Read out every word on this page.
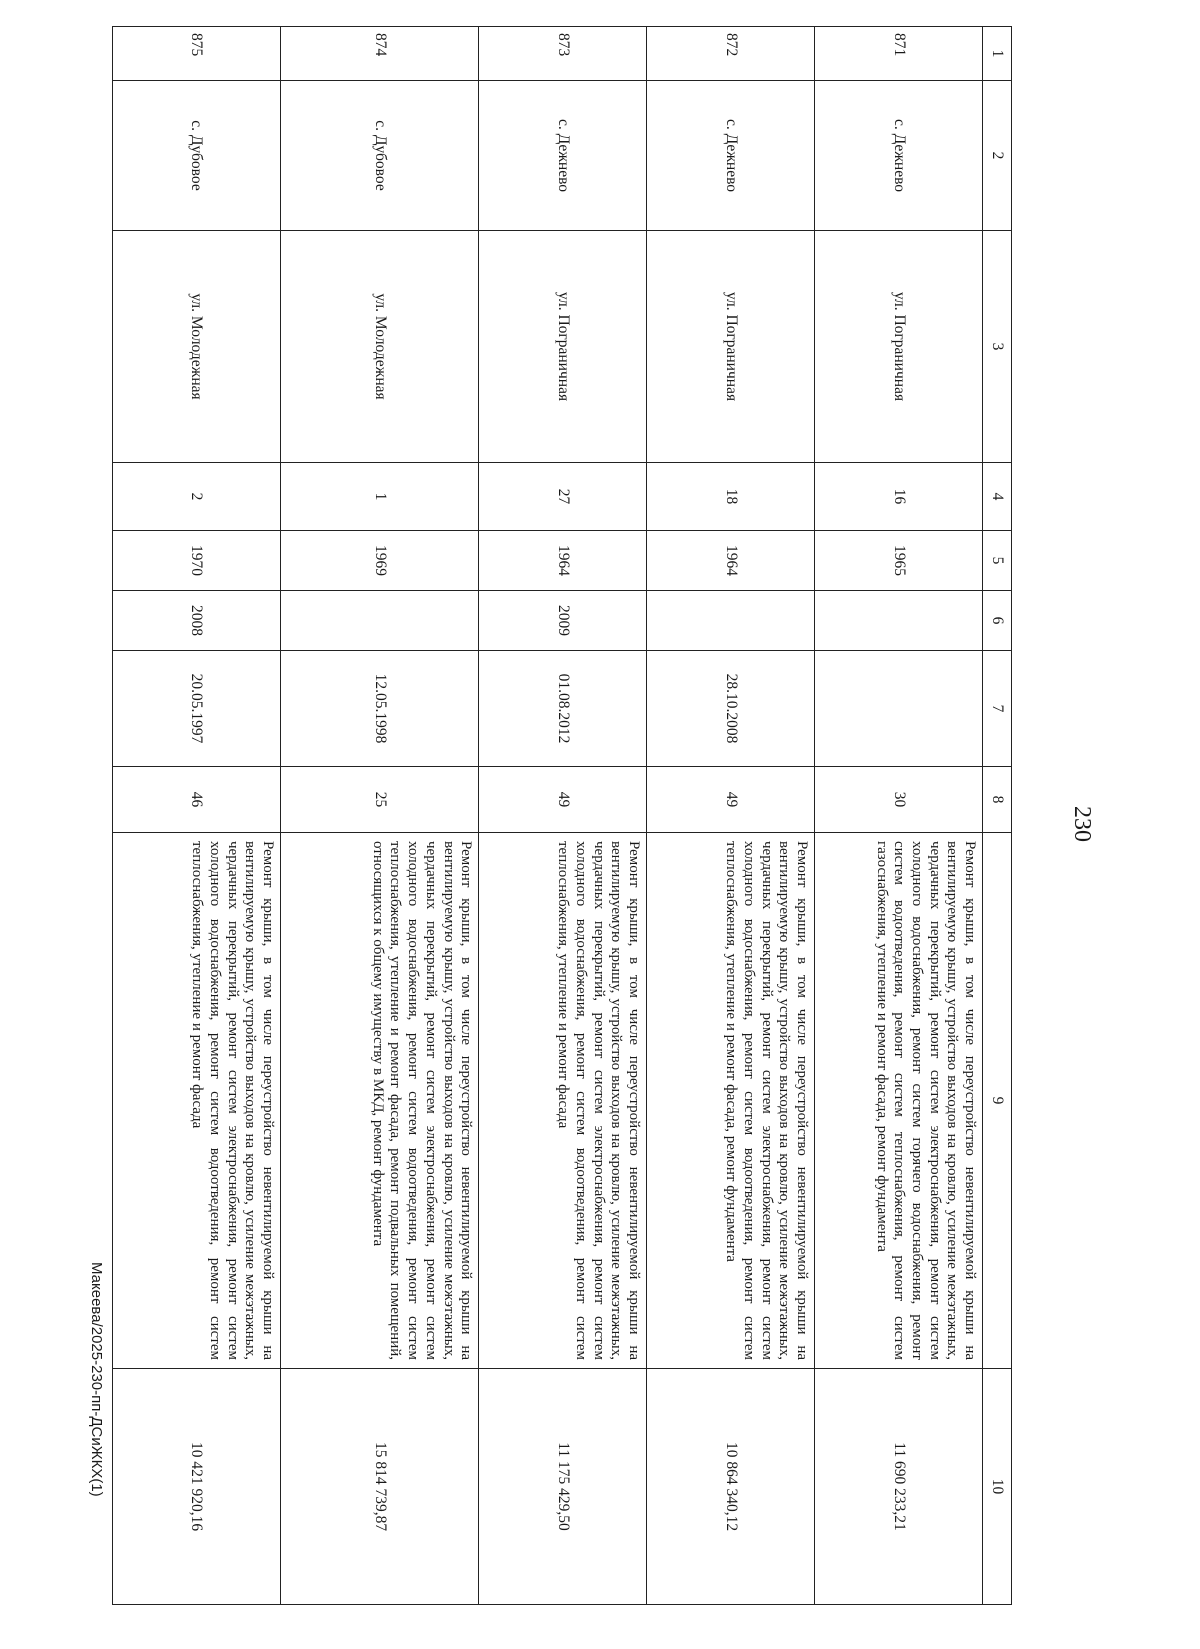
230
1	2	3	4	5	6	7	8	9	10
871	с. Дежнево	ул. Пограничная	16	1965			30	Ремонт крыши, в том числе переустройство невентилируемой крыши на вентилируемую крышу, устройство выходов на кровлю, усиление межэтажных, чердачных перекрытий, ремонт систем электроснабжения, ремонт систем холодного водоснабжения, ремонт систем горячего водоснабжения, ремонт систем водоотведения, ремонт систем теплоснабжения, ремонт систем газоснабжения, утепление и ремонт фасада, ремонт фундамента	11 690 233,21
872	с. Дежнево	ул. Пограничная	18	1964		28.10.2008	49	Ремонт крыши, в том числе переустройство невентилируемой крыши на вентилируемую крышу, устройство выходов на кровлю, усиление межэтажных, чердачных перекрытий, ремонт систем электроснабжения, ремонт систем холодного водоснабжения, ремонт систем водоотведения, ремонт систем теплоснабжения, утепление и ремонт фасада, ремонт фундамента	10 864 340,12
873	с. Дежнево	ул. Пограничная	27	1964	2009	01.08.2012	49	Ремонт крыши, в том числе переустройство невентилируемой крыши на вентилируемую крышу, устройство выходов на кровлю, усиление межэтажных, чердачных перекрытий, ремонт систем электроснабжения, ремонт систем холодного водоснабжения, ремонт систем водоотведения, ремонт систем теплоснабжения, утепление и ремонт фасада	11 175 429,50
874	с. Дубовое	ул. Молодежная	1	1969		12.05.1998	25	Ремонт крыши, в том числе переустройство невентилируемой крыши на вентилируемую крышу, устройство выходов на кровлю, усиление межэтажных, чердачных перекрытий, ремонт систем электроснабжения, ремонт систем холодного водоснабжения, ремонт систем водоотведения, ремонт систем теплоснабжения, утепление и ремонт фасада, ремонт подвальных помещений, относящихся к общему имуществу в МКД, ремонт фундамента	15 814 739,87
875	с. Дубовое	ул. Молодежная	2	1970	2008	20.05.1997	46	Ремонт крыши, в том числе переустройство невентилируемой крыши на вентилируемую крышу, устройство выходов на кровлю, усиление межэтажных, чердачных перекрытий, ремонт систем электроснабжения, ремонт систем холодного водоснабжения, ремонт систем водоотведения, ремонт систем теплоснабжения, утепление и ремонт фасада	10 421 920,16
Макеева/2025-230-пп-ДСиЖКХ(1)
